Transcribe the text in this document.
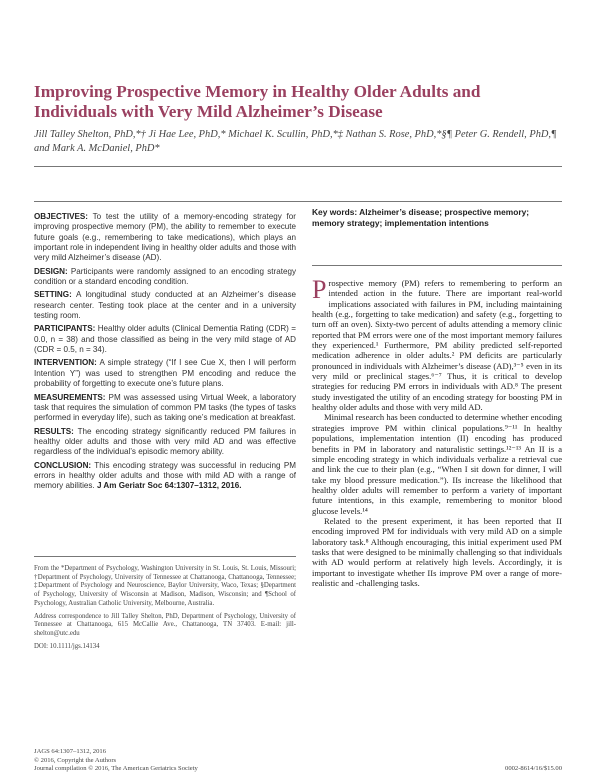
Improving Prospective Memory in Healthy Older Adults and Individuals with Very Mild Alzheimer’s Disease

Jill Talley Shelton, PhD,*† Ji Hae Lee, PhD,* Michael K. Scullin, PhD,*‡ Nathan S. Rose, PhD,*§¶ Peter G. Rendell, PhD,¶ and Mark A. McDaniel, PhD*

OBJECTIVES: To test the utility of a memory-encoding strategy for improving prospective memory (PM), the ability to remember to execute future goals (e.g., remembering to take medications), which plays an important role in independent living in healthy older adults and those with very mild Alzheimer’s disease (AD).

DESIGN: Participants were randomly assigned to an encoding strategy condition or a standard encoding condition.

SETTING: A longitudinal study conducted at an Alzheimer’s disease research center. Testing took place at the center and in a university testing room.

PARTICIPANTS: Healthy older adults (Clinical Dementia Rating (CDR) = 0.0, n = 38) and those classified as being in the very mild stage of AD (CDR = 0.5, n = 34).

INTERVENTION: A simple strategy (“If I see Cue X, then I will perform Intention Y”) was used to strengthen PM encoding and reduce the probability of forgetting to execute one’s future plans.

MEASUREMENTS: PM was assessed using Virtual Week, a laboratory task that requires the simulation of common PM tasks (the types of tasks performed in everyday life), such as taking one’s medication at breakfast.

RESULTS: The encoding strategy significantly reduced PM failures in healthy older adults and those with very mild AD and was effective regardless of the individual’s episodic memory ability.

CONCLUSION: This encoding strategy was successful in reducing PM errors in healthy older adults and those with mild AD with a range of memory abilities. J Am Geriatr Soc 64:1307–1312, 2016.

From the *Department of Psychology, Washington University in St. Louis, St. Louis, Missouri; †Department of Psychology, University of Tennessee at Chattanooga, Chattanooga, Tennessee; ‡Department of Psychology and Neuroscience, Baylor University, Waco, Texas; §Department of Psychology, University of Wisconsin at Madison, Madison, Wisconsin; and ¶School of Psychology, Australian Catholic University, Melbourne, Australia.

Address correspondence to Jill Talley Shelton, PhD, Department of Psychology, University of Tennessee at Chattanooga, 615 McCallie Ave., Chattanooga, TN 37403. E-mail: jill-shelton@utc.edu

DOI: 10.1111/jgs.14134

Key words: Alzheimer’s disease; prospective memory; memory strategy; implementation intentions

Prospective memory (PM) refers to remembering to perform an intended action in the future. There are important real-world implications associated with failures in PM, including maintaining health (e.g., forgetting to take medication) and safety (e.g., forgetting to turn off an oven). Sixty-two percent of adults attending a memory clinic reported that PM errors were one of the most important memory failures they experienced.¹ Furthermore, PM ability predicted self-reported medication adherence in older adults.² PM deficits are particularly pronounced in individuals with Alzheimer’s disease (AD),³⁻⁵ even in its very mild or preclinical stages.⁶⁻⁷ Thus, it is critical to develop strategies for reducing PM errors in individuals with AD.⁸ The present study investigated the utility of an encoding strategy for boosting PM in healthy older adults and those with very mild AD.

Minimal research has been conducted to determine whether encoding strategies improve PM within clinical populations.⁹⁻¹¹ In healthy populations, implementation intention (II) encoding has produced benefits in PM in laboratory and naturalistic settings.¹²⁻¹³ An II is a simple encoding strategy in which individuals verbalize a retrieval cue and link the cue to their plan (e.g., “When I sit down for dinner, I will take my blood pressure medication.”). IIs increase the likelihood that healthy older adults will remember to perform a variety of important future intentions, in this example, remembering to monitor blood glucose levels.¹⁴

Related to the present experiment, it has been reported that II encoding improved PM for individuals with very mild AD on a simple laboratory task.⁸ Although encouraging, this initial experiment used PM tasks that were designed to be minimally challenging so that individuals with AD would perform at relatively high levels. Accordingly, it is important to investigate whether IIs improve PM over a range of more-realistic and -challenging tasks.

JAGS 64:1307–1312, 2016
© 2016, Copyright the Authors
Journal compilation © 2016, The American Geriatrics Society	0002-8614/16/$15.00
